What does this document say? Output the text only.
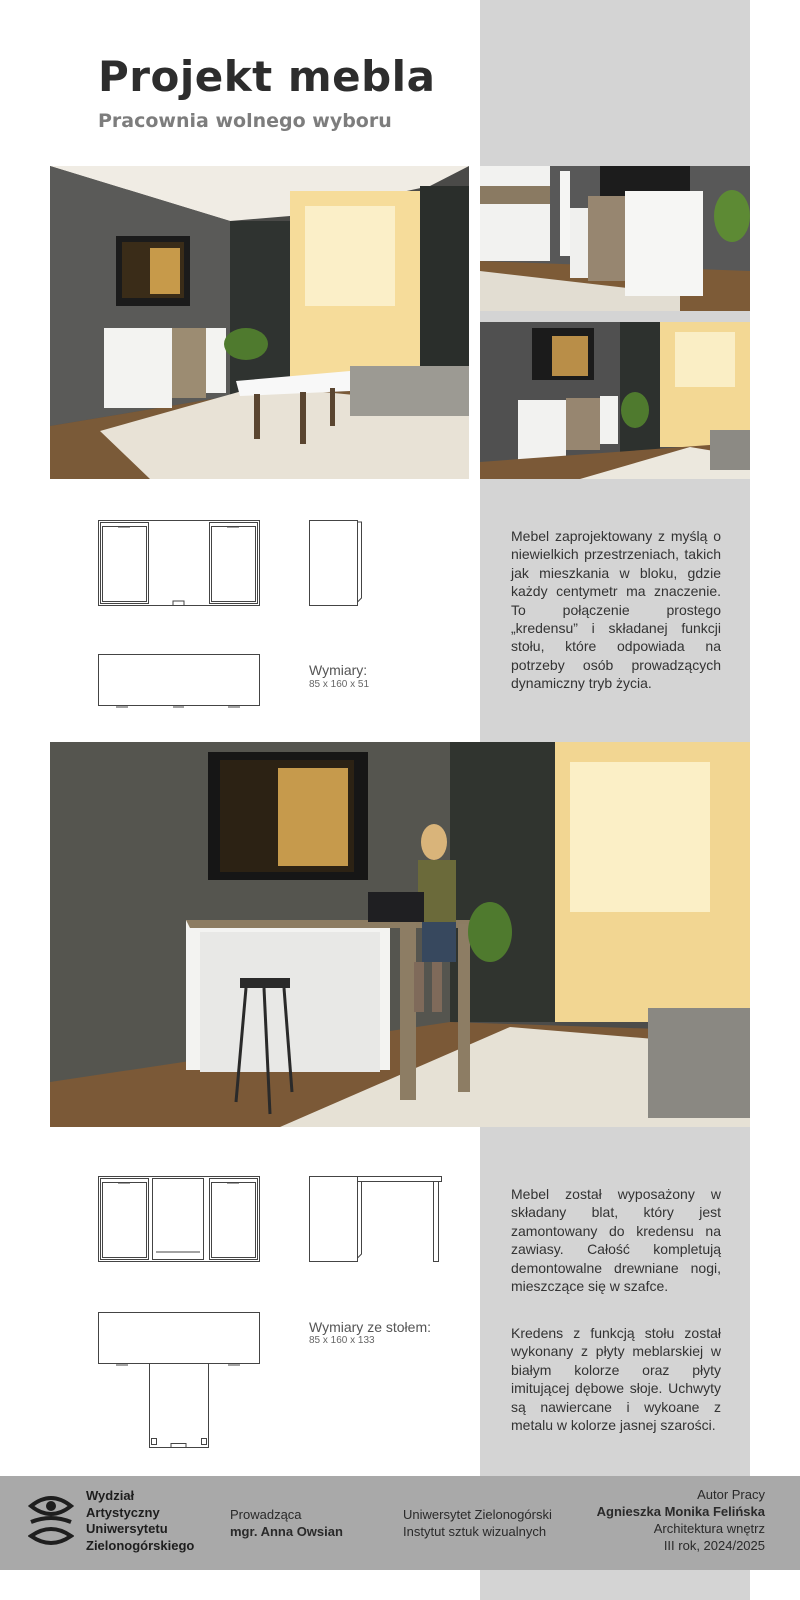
Projekt mebla
Pracownia wolnego wyboru

Wymiary:

85 x 160 x 51

Mebel zaprojektowany z myślą o niewielkich przestrzeniach, takich jak mieszkania w bloku, gdzie każdy centymetr ma znaczenie. To połączenie prostego „kredensu” i składanej funkcji stołu, które odpowiada na potrzeby osób prowadzących dynamiczny tryb życia.

Wymiary ze stołem:

85 x 160 x 133

Mebel został wyposażony w składany blat, który jest zamontowany do kredensu na zawiasy. Całość kompletują demontowalne drewniane nogi, mieszczące się w szafce.

Kredens z funkcją stołu został wykonany z płyty meblarskiej w białym kolorze oraz płyty imitującej dębowe słoje. Uchwyty są nawiercane i wykoane z metalu w kolorze jasnej szarości.

Wydział
Artystyczny
Uniwersytetu
Zielonogórskiego
Prowadząca
mgr. Anna Owsian
Uniwersytet Zielonogórski
Instytut sztuk wizualnych
Autor Pracy
Agnieszka Monika Felińska
Architektura wnętrz
III rok, 2024/2025
